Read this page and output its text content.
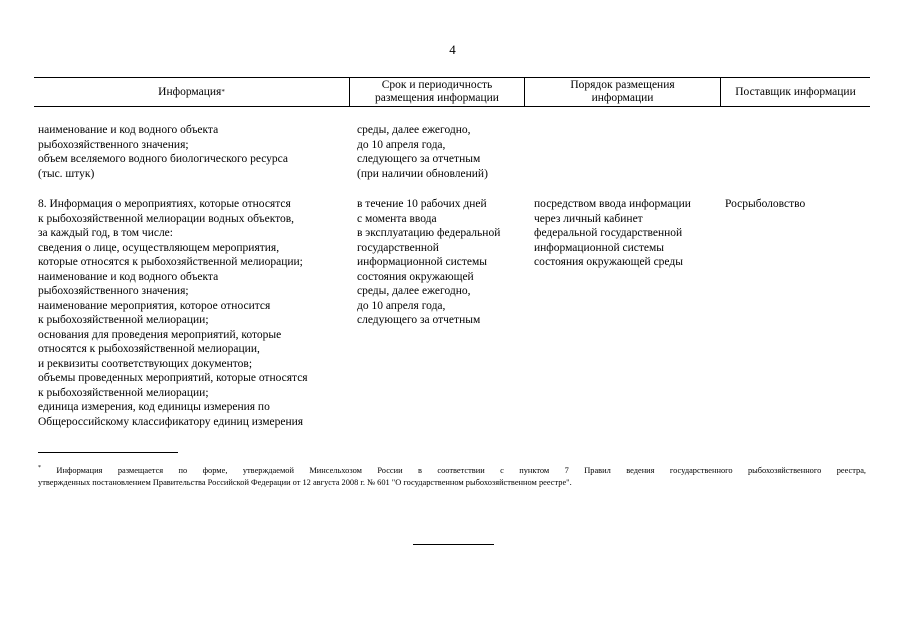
4
Информация *
Срок и периодичность
размещения информации
Порядок размещения
информации
Поставщик информации
наименование и код водного объекта
рыбохозяйственного значения;
объем вселяемого водного биологического ресурса
(тыс. штук)
среды, далее ежегодно,
до 10 апреля года,
следующего за отчетным
(при наличии обновлений)
8. Информация о мероприятиях, которые относятся
к рыбохозяйственной мелиорации водных объектов,
за каждый год, в том числе:
сведения о лице, осуществляющем мероприятия,
которые относятся к рыбохозяйственной мелиорации;
наименование и код водного объекта
рыбохозяйственного значения;
наименование мероприятия, которое относится
к рыбохозяйственной мелиорации;
основания для проведения мероприятий, которые
относятся к рыбохозяйственной мелиорации,
и реквизиты соответствующих документов;
объемы проведенных мероприятий, которые относятся
к рыбохозяйственной мелиорации;
единица измерения, код единицы измерения по
Общероссийскому классификатору единиц измерения
в течение 10 рабочих дней
с момента ввода
в эксплуатацию федеральной
государственной
информационной системы
состояния окружающей
среды, далее ежегодно,
до 10 апреля года,
следующего за отчетным
посредством ввода информации
через личный кабинет
федеральной государственной
информационной системы
состояния окружающей среды
Росрыболовство
* Информация размещается по форме, утверждаемой Минсельхозом России в соответствии с пунктом 7 Правил ведения государственного рыбохозяйственного реестра,
утвержденных постановлением Правительства Российской Федерации от 12 августа 2008 г. № 601 "О государственном рыбохозяйственном реестре".
